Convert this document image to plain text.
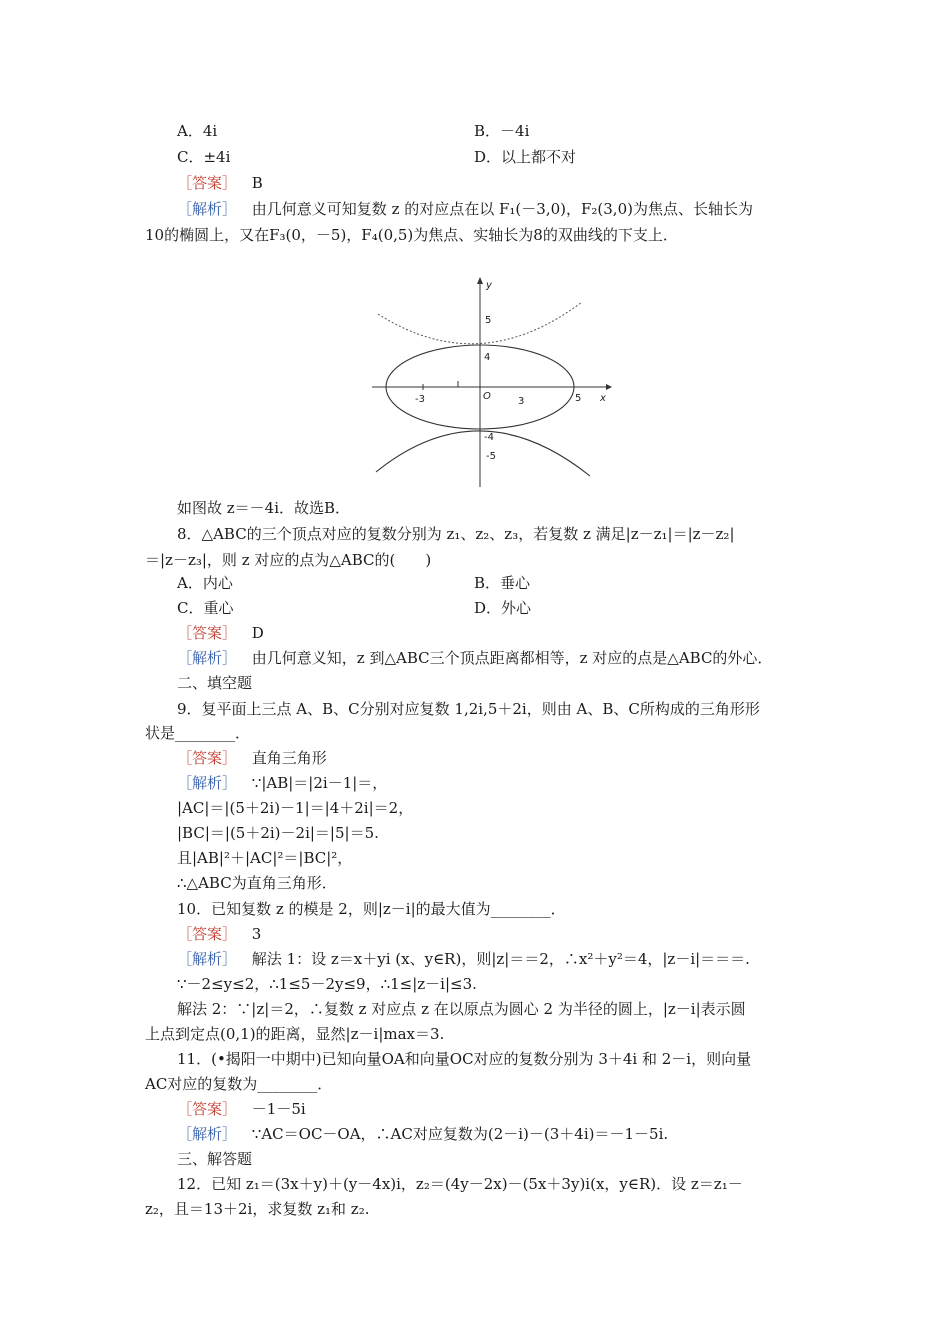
A．4i	B．－4i
C．±4i	D．以上都不对
［答案］ B
［解析］ 由几何意义可知复数 z 的对应点在以 F₁(－3,0)，F₂(3,0)为焦点、长轴长为
10的椭圆上，又在F₃(0，－5)，F₄(0,5)为焦点、实轴长为8的双曲线的下支上．
y
x
O
5
4
-3	3	5
-4
-5
如图故 z＝－4i．故选B．
8．△ABC的三个顶点对应的复数分别为 z₁、z₂、z₃，若复数 z 满足|z－z₁|＝|z－z₂|
＝|z－z₃|，则 z 对应的点为△ABC的(　　)
A．内心	B．垂心
C．重心	D．外心
［答案］ D
［解析］ 由几何意义知，z 到△ABC三个顶点距离都相等，z 对应的点是△ABC的外心．
二、填空题
9．复平面上三点 A、B、C分别对应复数 1,2i,5＋2i，则由 A、B、C所构成的三角形形
状是________．
［答案］ 直角三角形
［解析］ ∵|AB|＝|2i－1|＝，
|AC|＝|(5＋2i)－1|＝|4＋2i|＝2，
|BC|＝|(5＋2i)－2i|＝|5|＝5.
且|AB|²＋|AC|²＝|BC|²，
∴△ABC为直角三角形．
10．已知复数 z 的模是 2，则|z－i|的最大值为________．
［答案］ 3
［解析］ 解法 1：设 z＝x＋yi (x、y∈R)，则|z|＝＝2，∴x²＋y²＝4，|z－i|＝＝＝.
∵－2≤y≤2，∴1≤5－2y≤9，∴1≤|z－i|≤3.
解法 2：∵|z|＝2，∴复数 z 对应点 z 在以原点为圆心 2 为半径的圆上，|z－i|表示圆
上点到定点(0,1)的距离，显然|z－i|max＝3.
11．(•揭阳一中期中)已知向量OA和向量OC对应的复数分别为 3＋4i 和 2－i，则向量
AC对应的复数为________．
［答案］ －1－5i
［解析］ ∵AC＝OC－OA，∴AC对应复数为(2－i)－(3＋4i)＝－1－5i.
三、解答题
12．已知 z₁＝(3x＋y)＋(y－4x)i，z₂＝(4y－2x)－(5x＋3y)i(x，y∈R)．设 z＝z₁－
z₂，且＝13＋2i，求复数 z₁和 z₂.
